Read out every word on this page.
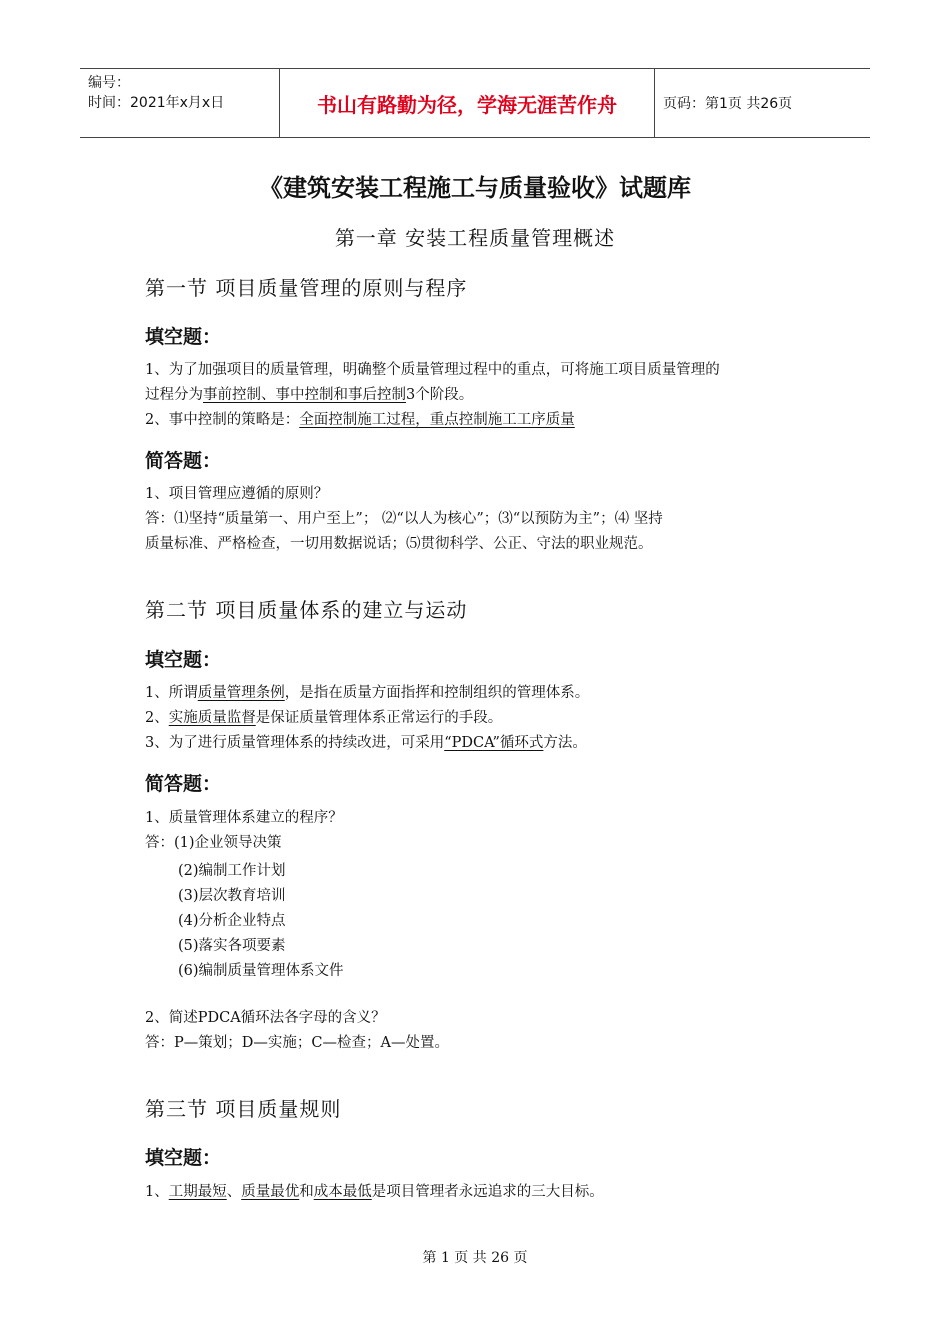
编号：
时间：2021年x月x日	书山有路勤为径，学海无涯苦作舟	页码：第1页 共26页
《建筑安装工程施工与质量验收》试题库
第一章 安装工程质量管理概述
第一节 项目质量管理的原则与程序
填空题：
1、为了加强项目的质量管理，明确整个质量管理过程中的重点，可将施工项目质量管理的
过程分为事前控制、事中控制和事后控制3个阶段。
2、事中控制的策略是：全面控制施工过程，重点控制施工工序质量
简答题：
1、项目管理应遵循的原则？
答：⑴坚持“质量第一、用户至上”； ⑵“以人为核心”；⑶“以预防为主”；⑷ 坚持
质量标准、严格检查，一切用数据说话；⑸贯彻科学、公正、守法的职业规范。
第二节 项目质量体系的建立与运动
填空题：
1、所谓质量管理条例，是指在质量方面指挥和控制组织的管理体系。
2、实施质量监督是保证质量管理体系正常运行的手段。
3、为了进行质量管理体系的持续改进，可采用“PDCA”循环式方法。
简答题：
1、质量管理体系建立的程序？
答：(1)企业领导决策
(2)编制工作计划
(3)层次教育培训
(4)分析企业特点
(5)落实各项要素
(6)编制质量管理体系文件
2、简述PDCA循环法各字母的含义？
答：P—策划；D—实施；C—检查；A—处置。
第三节 项目质量规则
填空题：
1、工期最短、质量最优和成本最低是项目管理者永远追求的三大目标。
第 1 页 共 26 页
